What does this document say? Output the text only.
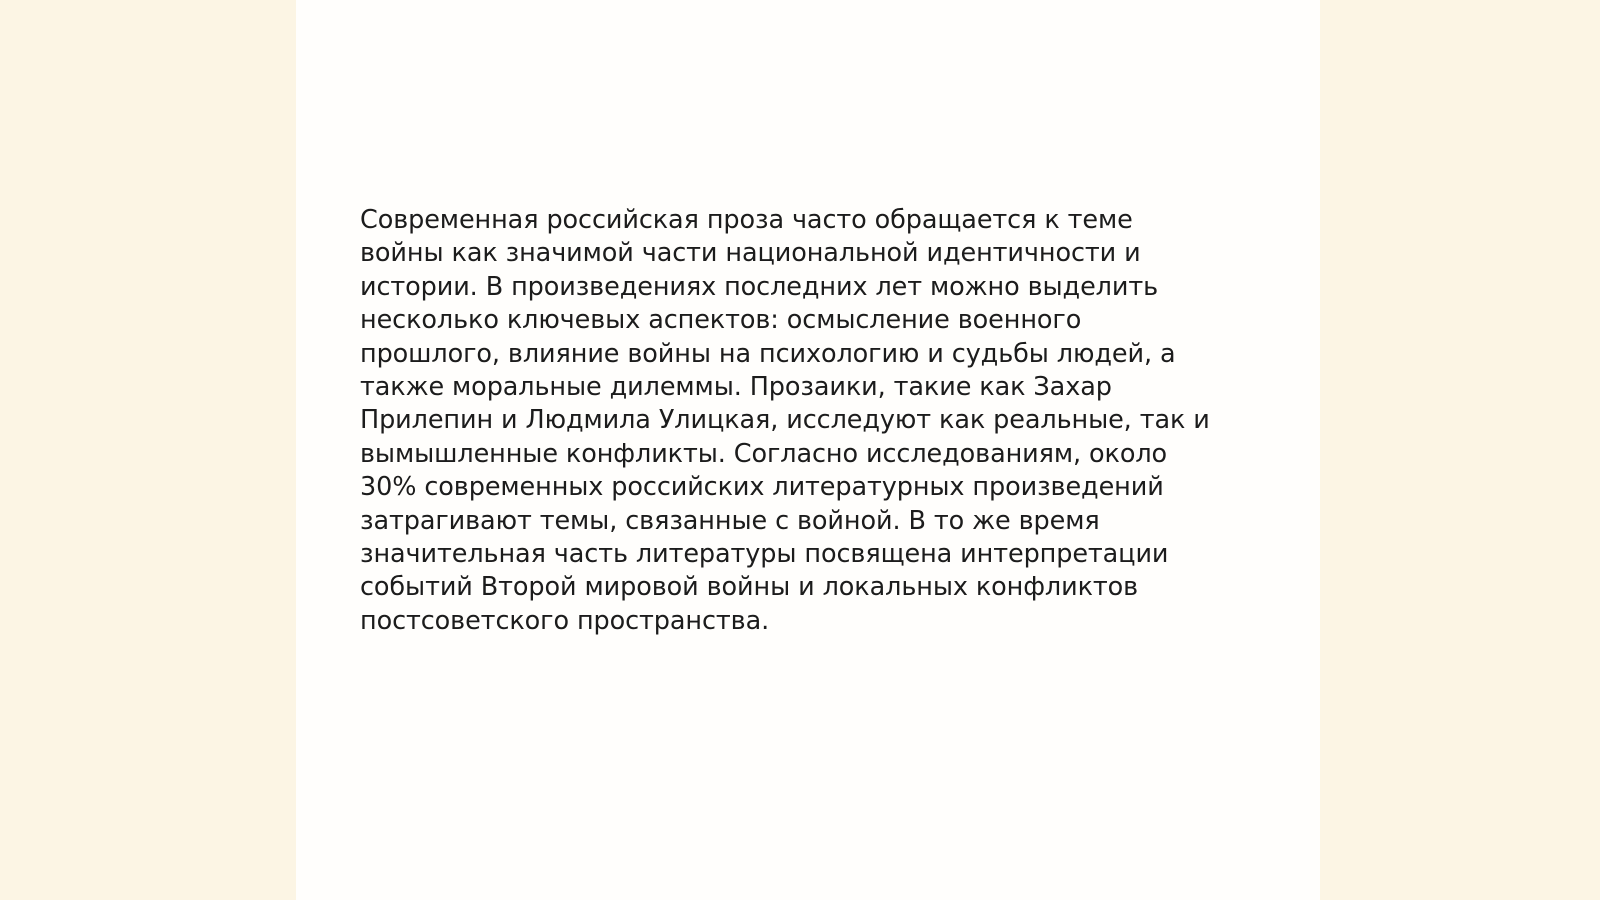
Современная российская проза часто обращается к теме
войны как значимой части национальной идентичности и
истории. В произведениях последних лет можно выделить
несколько ключевых аспектов: осмысление военного
прошлого, влияние войны на психологию и судьбы людей, а
также моральные дилеммы. Прозаики, такие как Захар
Прилепин и Людмила Улицкая, исследуют как реальные, так и
вымышленные конфликты. Согласно исследованиям, около
30% современных российских литературных произведений
затрагивают темы, связанные с войной. В то же время
значительная часть литературы посвящена интерпретации
событий Второй мировой войны и локальных конфликтов
постсоветского пространства.
